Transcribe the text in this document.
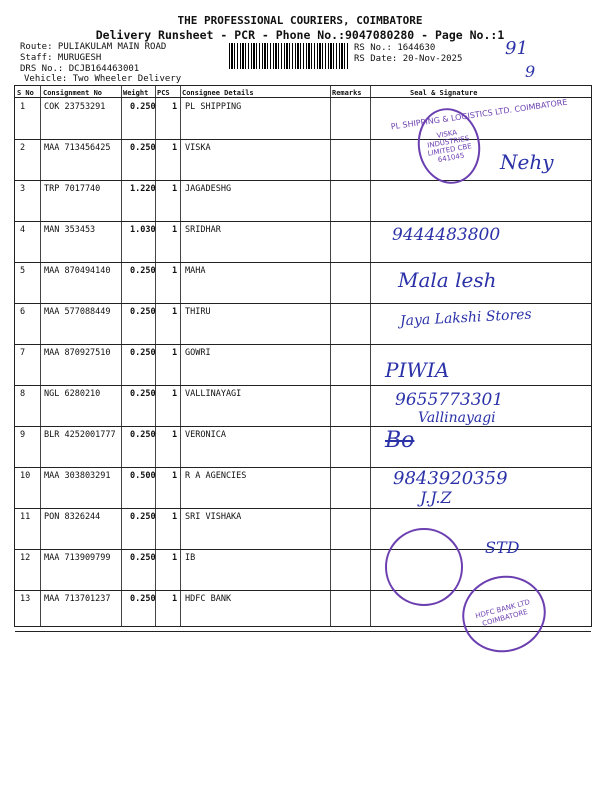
THE PROFESSIONAL COURIERS, COIMBATORE
Delivery Runsheet - PCR - Phone No.:9047080280 - Page No.:1
Route: PULIAKULAM MAIN ROAD
Staff: MURUGESH
DRS No.: DCJB164463001
Vehicle: Two Wheeler Delivery
RS No.: 1644630
RS Date: 20-Nov-2025 91
9
S No Consignment No	Weight PCS Consignee Details	Remarks	Seal & Signature
1 COK 23753291	0.250 1 PL SHIPPING
2 MAA 713456425 0.250 1 VISKA
3 TRP 7017740	1.220 1 JAGADESHG
4 MAN 353453	1.030 1 SRIDHAR
5 MAA 870494140 0.250 1 MAHA
6 MAA 577088449 0.250 1 THIRU
7 MAA 870927510 0.250 1 GOWRI
8 NGL 6280210	0.250 1 VALLINAYAGI
9 BLR 4252001777 0.250 1 VERONICA
10 MAA 303803291 0.500 1 R A AGENCIES
11 PON 8326244	0.250 1 SRI VISHAKA
12 MAA 713909799 0.250 1 IB
13 MAA 713701237 0.250 1 HDFC BANK
VISKA INDUSTRIES LIMITED CBE 641045
PL SHIPPING & LOGISTICS LTD. COIMBATORE
Nehy
9444483800
Mala lesh
Jaya Lakshi Stores
PIWIA
9655773301
Vallinayagi
Bo
9843920359
J.J.Z
STD
HDFC BANK LTD COIMBATORE
